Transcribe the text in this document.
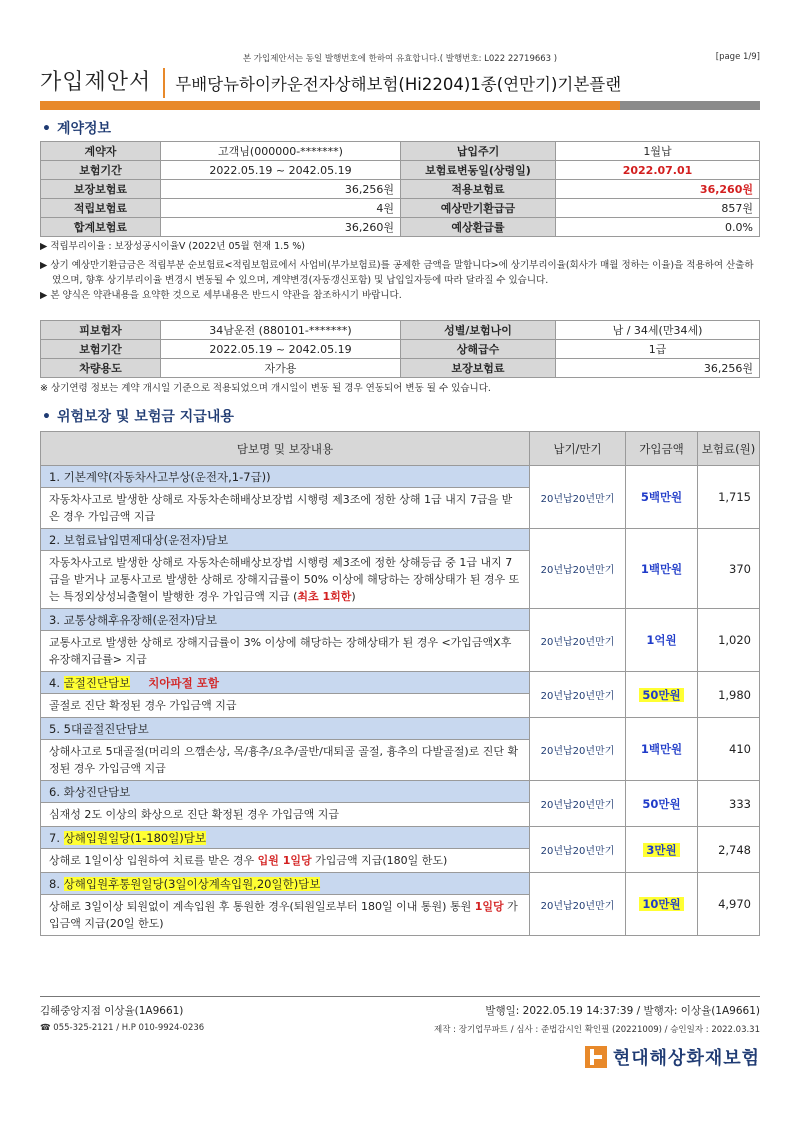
본 가입제안서는 동일 발행번호에 한하여 유효합니다.( 발행번호: L022 22719663 )	[page 1/9]
가입제안서	무배당뉴하이카운전자상해보험(Hi2204)1종(연만기)기본플랜
• 계약정보
계약자	고객님(000000-*******)	납입주기	1월납
보험기간	2022.05.19 ~ 2042.05.19	보험료변동일(상령일)	2022.07.01
보장보험료	36,256원	적용보험료	36,260원
적립보험료	4원	예상만기환급금	857원
합계보험료	36,260원	예상환급률	0.0%

▶ 적립부리이율 : 보장성공시이율Ⅴ (2022년 05월 현재 1.5 %)

▶ 상기 예상만기환급금은 적립부분 순보험료<적립보험료에서 사업비(부가보험료)를 공제한 금액을 말합니다>에 상기부리이율(회사가 매월 정하는 이율)을 적용하여 산출하였으며, 향후 상기부리이율 변경시 변동될 수 있으며, 계약변경(자동갱신포함) 및 납입일자등에 따라 달라질 수 있습니다.

▶ 본 양식은 약관내용을 요약한 것으로 세부내용은 반드시 약관을 참조하시기 바랍니다.

피보험자	34남운전 (880101-*******)	성별/보험나이	남 / 34세(만34세)
보험기간	2022.05.19 ~ 2042.05.19	상해급수	1급
차량용도	자가용	보장보험료	36,256원

※ 상기연령 정보는 계약 개시일 기준으로 적용되었으며 개시일이 변동 될 경우 연동되어 변동 될 수 있습니다.

• 위험보장 및 보험금 지급내용
담보명 및 보장내용	납기/만기	가입금액	보험료(원)
1. 기본계약(자동차사고부상(운전자,1-7급))	20년납20년만기	5백만원	1,715
자동차사고로 발생한 상해로 자동차손해배상보장법 시행령 제3조에 정한 상해 1급 내지 7급을 받은 경우 가입금액 지급			
2. 보험료납입면제대상(운전자)담보	20년납20년만기	1백만원	370
자동차사고로 발생한 상해로 자동차손해배상보장법 시행령 제3조에 정한 상해등급 중 1급 내지 7급을 받거나 교통사고로 발생한 상해로 장해지급률이 50% 이상에 해당하는 장해상태가 된 경우 또는 특정외상성뇌출혈이 발행한 경우 가입금액 지급 (최초 1회한)			
3. 교통상해후유장해(운전자)담보	20년납20년만기	1억원	1,020
교통사고로 발생한 상해로 장해지급률이 3% 이상에 해당하는 장해상태가 된 경우 <가입금액X후유장해지급률> 지급			
4. 골절진단담보 치아파절 포함	20년납20년만기	50만원	1,980
골절로 진단 확정된 경우 가입금액 지급			
5. 5대골절진단담보	20년납20년만기	1백만원	410
상해사고로 5대골절(머리의 으깸손상, 목/흉추/요추/골반/대퇴골 골절, 흉추의 다발골절)로 진단 확정된 경우 가입금액 지급			
6. 화상진단담보	20년납20년만기	50만원	333
심재성 2도 이상의 화상으로 진단 확정된 경우 가입금액 지급			
7. 상해입원일당(1-180일)담보	20년납20년만기	3만원	2,748
상해로 1일이상 입원하여 치료를 받은 경우 입원 1일당 가입금액 지급(180일 한도)			
8. 상해입원후통원일당(3일이상계속입원,20일한)담보	20년납20년만기	10만원	4,970
상해로 3일이상 퇴원없이 계속입원 후 통원한 경우(퇴원일로부터 180일 이내 통원) 통원 1일당 가입금액 지급(20일 한도)			
김해중앙지점 이상율(1A9661)	발행일: 2022.05.19 14:37:39 / 발행자: 이상율(1A9661)
☎ 055-325-2121 / H.P 010-9924-0236	제작 : 장기업무파트 / 심사 : 준법감시인 확인필 (20221009) / 승인일자 : 2022.03.31
현대해상화재보험
